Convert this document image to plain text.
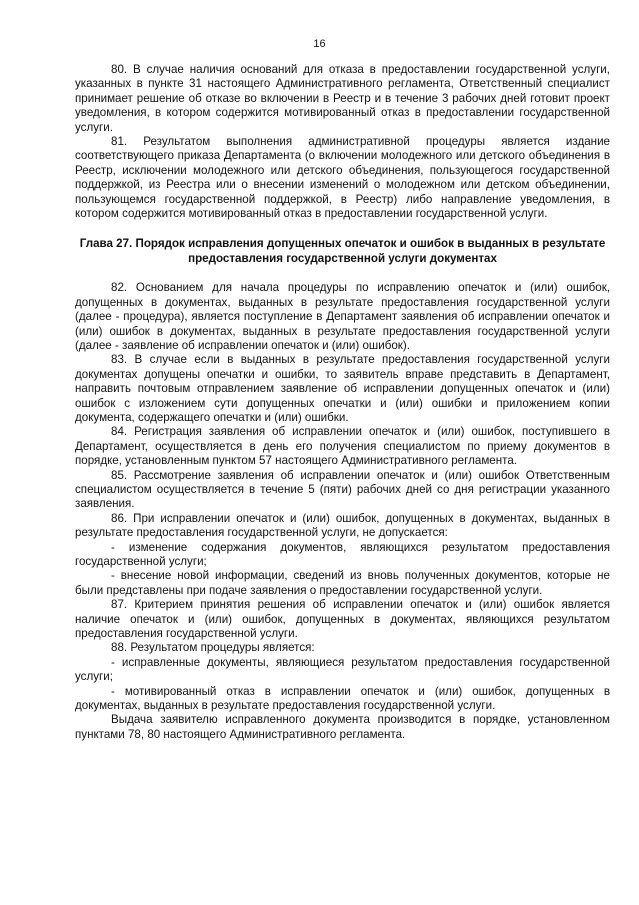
16

80. В случае наличия оснований для отказа в предоставлении государственной услуги, указанных в пункте 31 настоящего Административного регламента, Ответственный специалист принимает решение об отказе во включении в Реестр и в течение 3 рабочих дней готовит проект уведомления, в котором содержится мотивированный отказ в предоставлении государственной услуги.

81. Результатом выполнения административной процедуры является издание соответствующего приказа Департамента (о включении молодежного или детского объединения в Реестр, исключении молодежного или детского объединения, пользующегося государственной поддержкой, из Реестра или о внесении изменений о молодежном или детском объединении, пользующемся государственной поддержкой, в Реестр) либо направление уведомления, в котором содержится мотивированный отказ в предоставлении государственной услуги.

Глава 27. Порядок исправления допущенных опечаток и ошибок в выданных в результате предоставления государственной услуги документах

82. Основанием для начала процедуры по исправлению опечаток и (или) ошибок, допущенных в документах, выданных в результате предоставления государственной услуги (далее - процедура), является поступление в Департамент заявления об исправлении опечаток и (или) ошибок в документах, выданных в результате предоставления государственной услуги (далее - заявление об исправлении опечаток и (или) ошибок).

83. В случае если в выданных в результате предоставления государственной услуги документах допущены опечатки и ошибки, то заявитель вправе представить в Департамент, направить почтовым отправлением заявление об исправлении допущенных опечаток и (или) ошибок с изложением сути допущенных опечатки и (или) ошибки и приложением копии документа, содержащего опечатки и (или) ошибки.

84. Регистрация заявления об исправлении опечаток и (или) ошибок, поступившего в Департамент, осуществляется в день его получения специалистом по приему документов в порядке, установленным пунктом 57 настоящего Административного регламента.

85. Рассмотрение заявления об исправлении опечаток и (или) ошибок Ответственным специалистом осуществляется в течение 5 (пяти) рабочих дней со дня регистрации указанного заявления.

86. При исправлении опечаток и (или) ошибок, допущенных в документах, выданных в результате предоставления государственной услуги, не допускается:

- изменение содержания документов, являющихся результатом предоставления государственной услуги;

- внесение новой информации, сведений из вновь полученных документов, которые не были представлены при подаче заявления о предоставлении государственной услуги.

87. Критерием принятия решения об исправлении опечаток и (или) ошибок является наличие опечаток и (или) ошибок, допущенных в документах, являющихся результатом предоставления государственной услуги.

88. Результатом процедуры является:

- исправленные документы, являющиеся результатом предоставления государственной услуги;

- мотивированный отказ в исправлении опечаток и (или) ошибок, допущенных в документах, выданных в результате предоставления государственной услуги.

Выдача заявителю исправленного документа производится в порядке, установленном пунктами 78, 80 настоящего Административного регламента.
